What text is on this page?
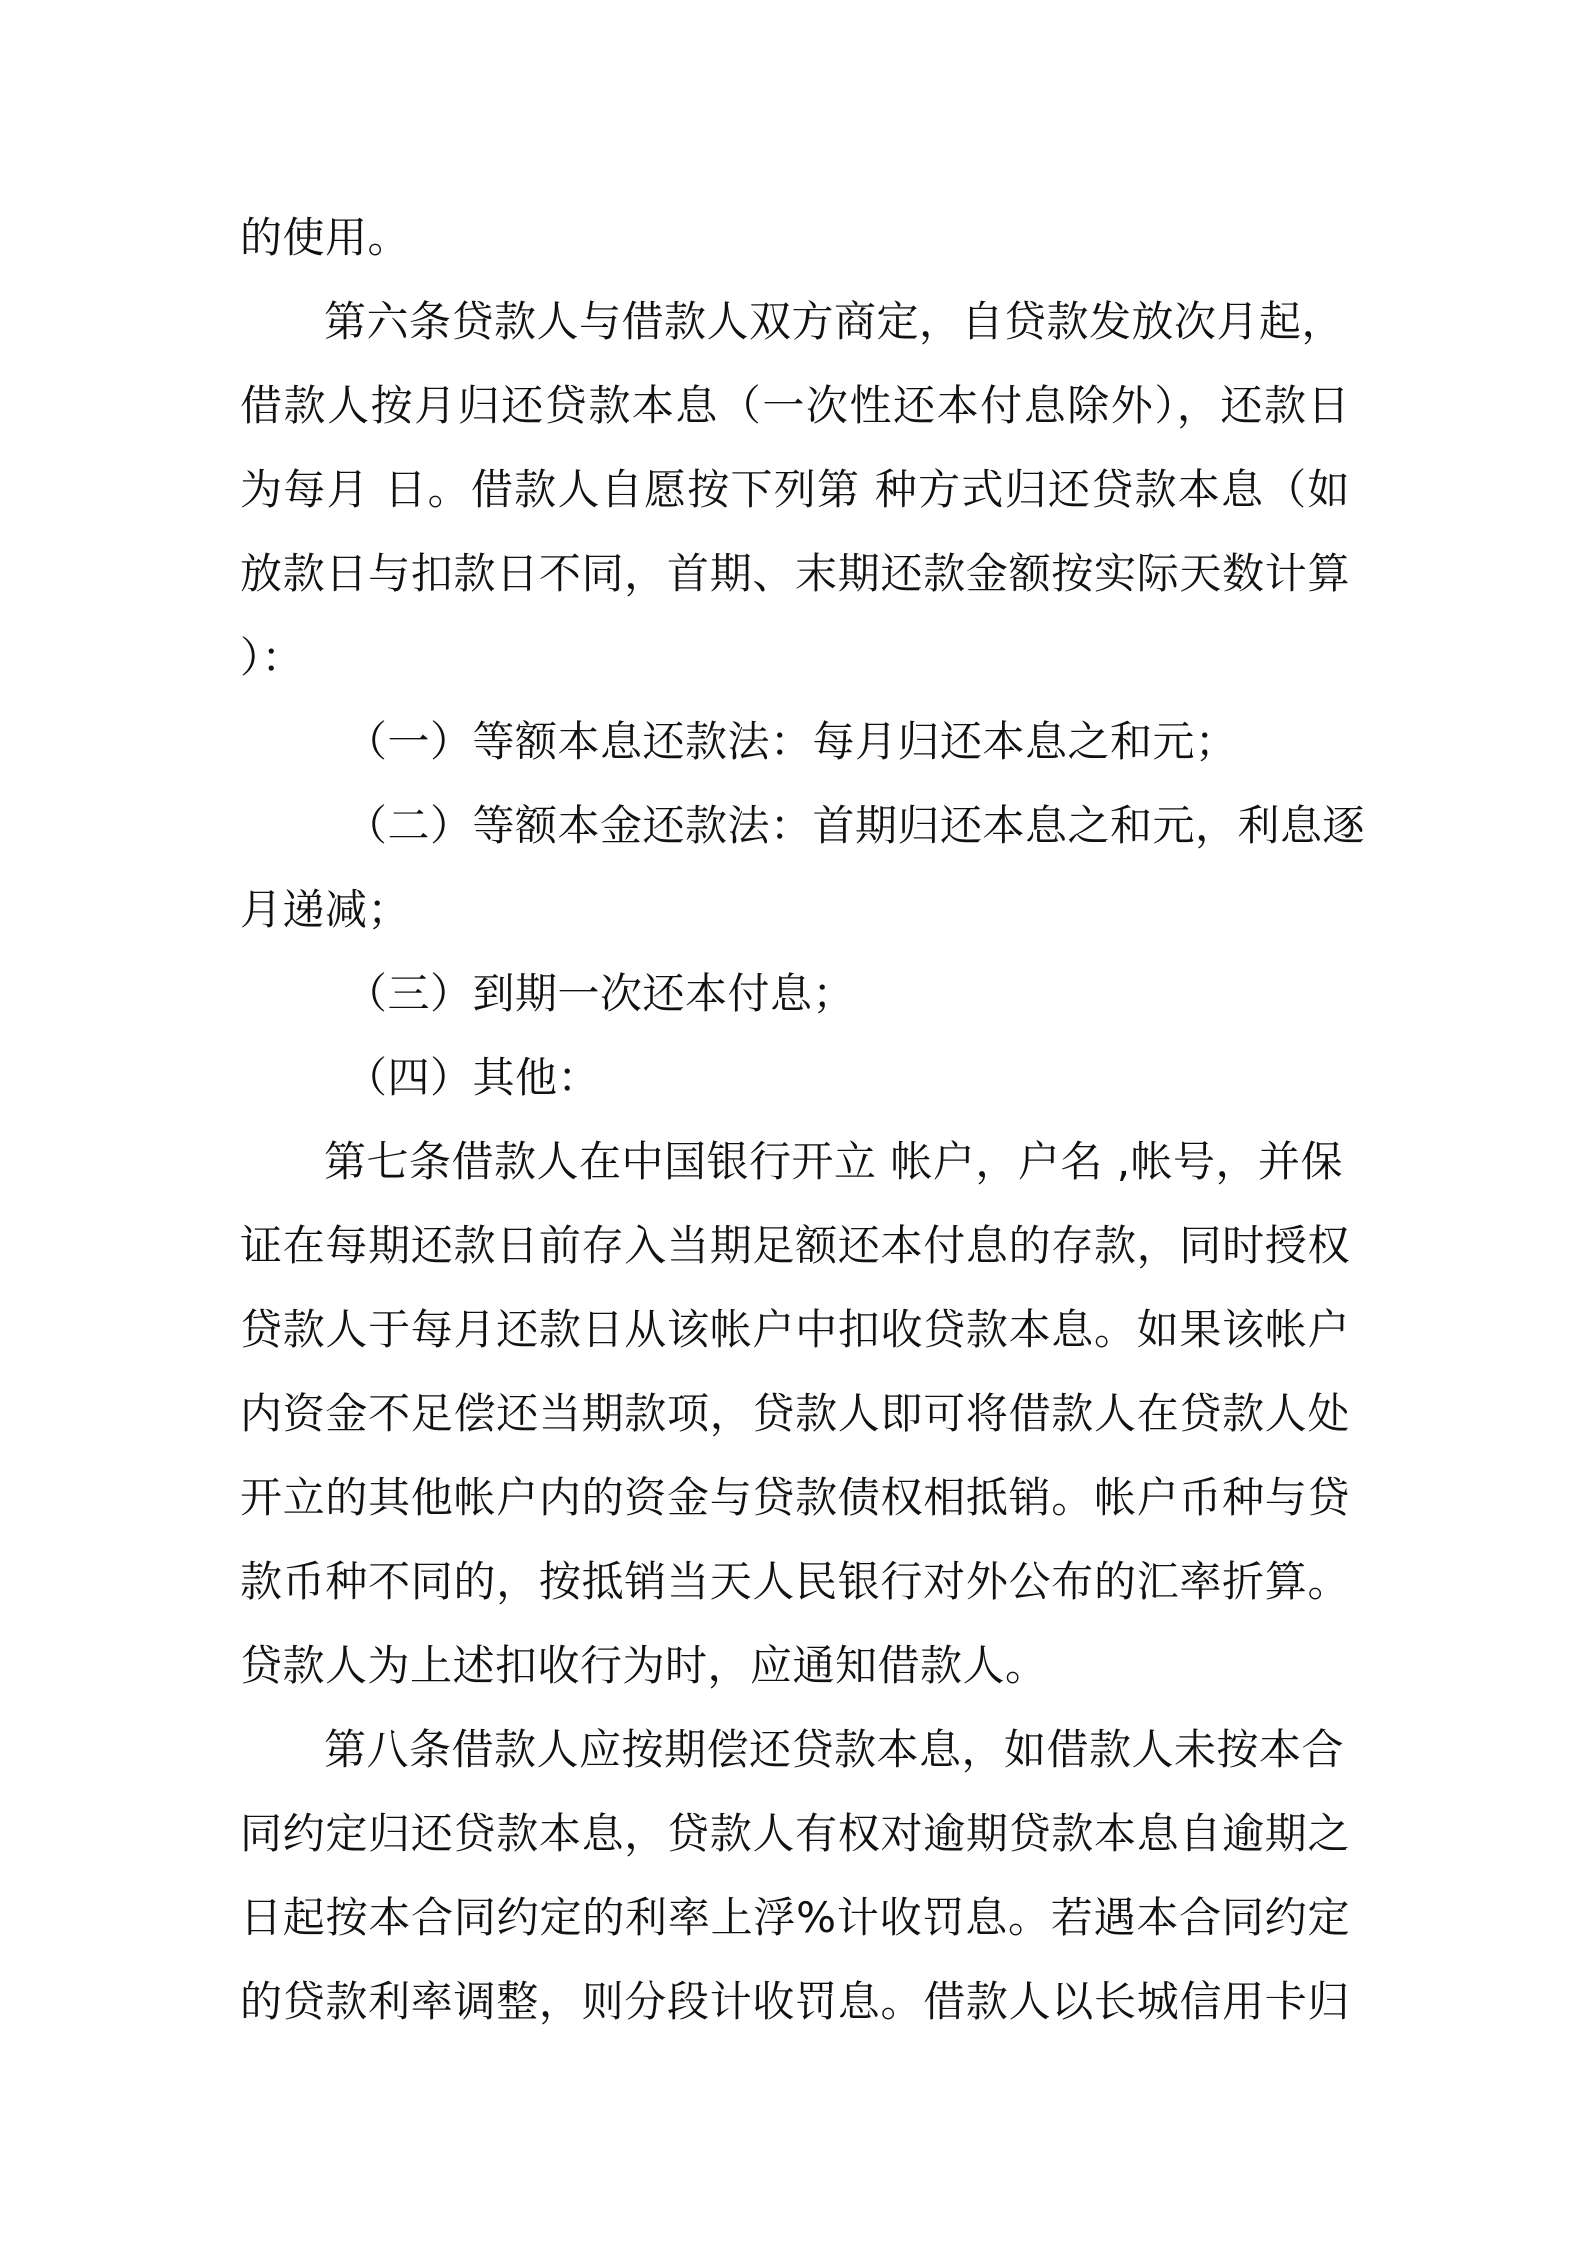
的使用。
第六条贷款人与借款人双方商定，自贷款发放次月起，
借款人按月归还贷款本息（一次性还本付息除外），还款日
为每月 日。借款人自愿按下列第 种方式归还贷款本息（如
放款日与扣款日不同，首期、末期还款金额按实际天数计算
）：
（一）等额本息还款法：每月归还本息之和元；
（二）等额本金还款法：首期归还本息之和元，利息逐
月递减；
（三）到期一次还本付息；
（四）其他：
第七条借款人在中国银行开立 帐户，户名 ,帐号，并保
证在每期还款日前存入当期足额还本付息的存款，同时授权
贷款人于每月还款日从该帐户中扣收贷款本息。如果该帐户
内资金不足偿还当期款项，贷款人即可将借款人在贷款人处
开立的其他帐户内的资金与贷款债权相抵销。帐户币种与贷
款币种不同的，按抵销当天人民银行对外公布的汇率折算。
贷款人为上述扣收行为时，应通知借款人。
第八条借款人应按期偿还贷款本息，如借款人未按本合
同约定归还贷款本息，贷款人有权对逾期贷款本息自逾期之
日起按本合同约定的利率上浮%计收罚息。若遇本合同约定
的贷款利率调整，则分段计收罚息。借款人以长城信用卡归
